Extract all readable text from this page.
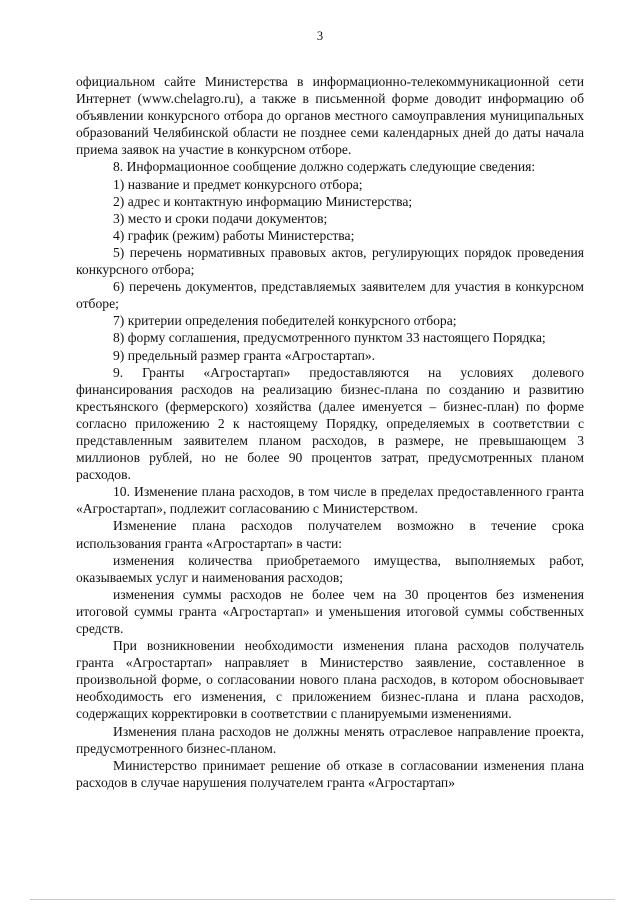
3

официальном сайте Министерства в информационно-телекоммуникационной сети Интернет (www.chelagro.ru), а также в письменной форме доводит информацию об объявлении конкурсного отбора до органов местного самоуправления муниципальных образований Челябинской области не позднее семи календарных дней до даты начала приема заявок на участие в конкурсном отборе.

8. Информационное сообщение должно содержать следующие сведения:

1) название и предмет конкурсного отбора;

2) адрес и контактную информацию Министерства;

3) место и сроки подачи документов;

4) график (режим) работы Министерства;

5) перечень нормативных правовых актов, регулирующих порядок проведения конкурсного отбора;

6) перечень документов, представляемых заявителем для участия в конкурсном отборе;

7) критерии определения победителей конкурсного отбора;

8) форму соглашения, предусмотренного пунктом 33 настоящего Порядка;

9) предельный размер гранта «Агростартап».

9. Гранты «Агростартап» предоставляются на условиях долевого финансирования расходов на реализацию бизнес-плана по созданию и развитию крестьянского (фермерского) хозяйства (далее именуется – бизнес-план) по форме согласно приложению 2 к настоящему Порядку, определяемых в соответствии с представленным заявителем планом расходов, в размере, не превышающем 3 миллионов рублей, но не более 90 процентов затрат, предусмотренных планом расходов.

10. Изменение плана расходов, в том числе в пределах предоставленного гранта «Агростартап», подлежит согласованию с Министерством.

Изменение плана расходов получателем возможно в течение срока использования гранта «Агростартап» в части:

изменения количества приобретаемого имущества, выполняемых работ, оказываемых услуг и наименования расходов;

изменения суммы расходов не более чем на 30 процентов без изменения итоговой суммы гранта «Агростартап» и уменьшения итоговой суммы собственных средств.

При возникновении необходимости изменения плана расходов получатель гранта «Агростартап» направляет в Министерство заявление, составленное в произвольной форме, о согласовании нового плана расходов, в котором обосновывает необходимость его изменения, с приложением бизнес-плана и плана расходов, содержащих корректировки в соответствии с планируемыми изменениями.

Изменения плана расходов не должны менять отраслевое направление проекта, предусмотренного бизнес-планом.

Министерство принимает решение об отказе в согласовании изменения плана расходов в случае нарушения получателем гранта «Агростартап»
